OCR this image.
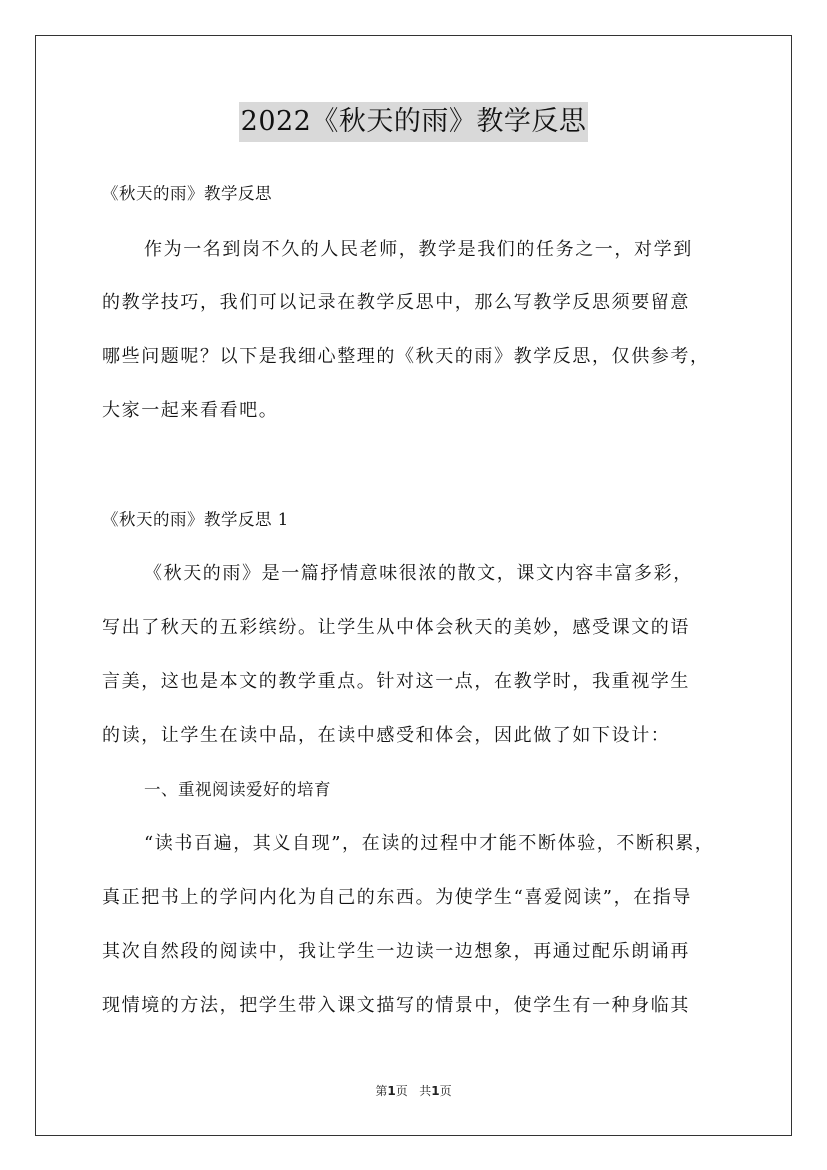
2022《秋天的雨》教学反思
《秋天的雨》教学反思
作为一名到岗不久的人民老师，教学是我们的任务之一，对学到
的教学技巧，我们可以记录在教学反思中，那么写教学反思须要留意
哪些问题呢？以下是我细心整理的《秋天的雨》教学反思，仅供参考，
大家一起来看看吧。
《秋天的雨》教学反思 1
《秋天的雨》是一篇抒情意味很浓的散文，课文内容丰富多彩，
写出了秋天的五彩缤纷。让学生从中体会秋天的美妙，感受课文的语
言美，这也是本文的教学重点。针对这一点，在教学时，我重视学生
的读，让学生在读中品，在读中感受和体会，因此做了如下设计：
一、重视阅读爱好的培育
“读书百遍，其义自现”，在读的过程中才能不断体验，不断积累，
真正把书上的学问内化为自己的东西。为使学生“喜爱阅读”，在指导
其次自然段的阅读中，我让学生一边读一边想象，再通过配乐朗诵再
现情境的方法，把学生带入课文描写的情景中，使学生有一种身临其
第1页 共1页
